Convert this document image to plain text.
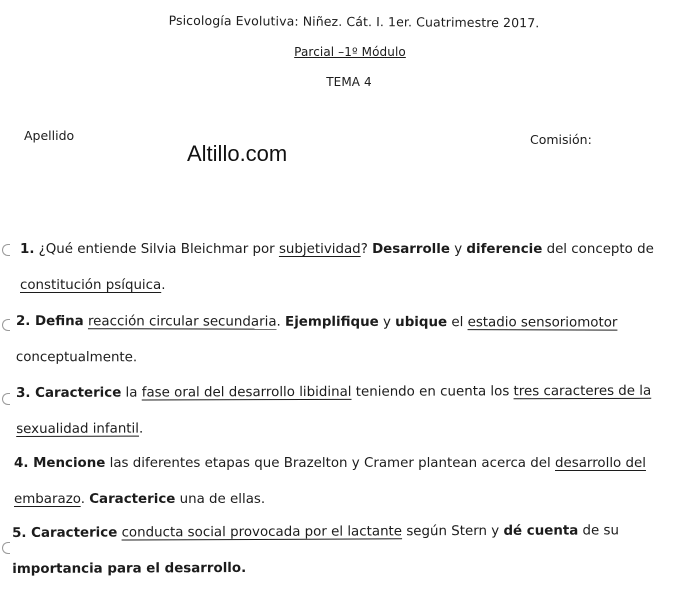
Psicología Evolutiva: Niñez. Cát. I. 1er. Cuatrimestre 2017.
Parcial –1º Módulo
TEMA 4
Apellido	Comisión:
Altillo.com
1. ¿Qué entiende Silvia Bleichmar por subjetividad? Desarrolle y diferencie del concepto de constitución psíquica.
2. Defina reacción circular secundaria. Ejemplifique y ubique el estadio sensoriomotor conceptualmente.
3. Caracterice la fase oral del desarrollo libidinal teniendo en cuenta los tres caracteres de la sexualidad infantil.
4. Mencione las diferentes etapas que Brazelton y Cramer plantean acerca del desarrollo del embarazo. Caracterice una de ellas.
5. Caracterice conducta social provocada por el lactante según Stern y dé cuenta de su importancia para el desarrollo.
